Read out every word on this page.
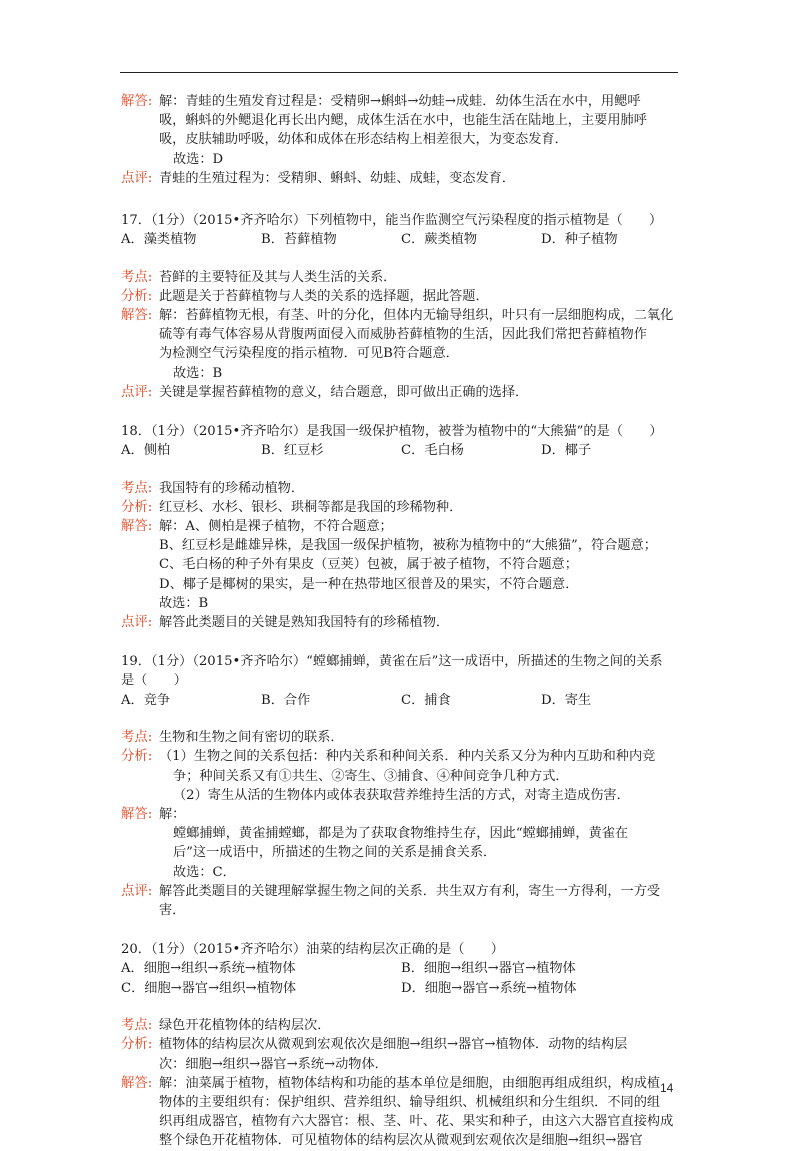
解答: 解：青蛙的生殖发育过程是：受精卵→蝌蚪→幼蛙→成蛙．幼体生活在水中，用鳃呼

吸，蝌蚪的外鳃退化再长出内鳃，成体生活在水中，也能生活在陆地上，主要用肺呼

吸，皮肤辅助呼吸，幼体和成体在形态结构上相差很大，为变态发育．

故选：D

点评: 青蛙的生殖过程为：受精卵、蝌蚪、幼蛙、成蛙，变态发育．

17．（1分）（2015•齐齐哈尔）下列植物中，能当作监测空气污染程度的指示植物是（　　）
A．藻类植物	B．苔藓植物	C．蕨类植物	D．种子植物
考点: 苔鲜的主要特征及其与人类生活的关系．

分析: 此题是关于苔藓植物与人类的关系的选择题，据此答题．

解答: 解：苔藓植物无根，有茎、叶的分化，但体内无输导组织，叶只有一层细胞构成，二氧化

硫等有毒气体容易从背腹两面侵入而威胁苔藓植物的生活，因此我们常把苔藓植物作

为检测空气污染程度的指示植物．可见B符合题意．

故选：B

点评: 关键是掌握苔藓植物的意义，结合题意，即可做出正确的选择．

18．（1分）（2015•齐齐哈尔）是我国一级保护植物，被誉为植物中的“大熊猫”的是（　　）
A．侧柏	B．红豆杉	C．毛白杨	D．椰子
考点: 我国特有的珍稀动植物．

分析: 红豆杉、水杉、银杉、珙桐等都是我国的珍稀物种．

解答: 解：A、侧柏是裸子植物，不符合题意；

B、红豆杉是雌雄异株，是我国一级保护植物，被称为植物中的“大熊猫”，符合题意；

C、毛白杨的种子外有果皮（豆荚）包被，属于被子植物，不符合题意；

D、椰子是椰树的果实，是一种在热带地区很普及的果实，不符合题意．

故选：B

点评: 解答此类题目的关键是熟知我国特有的珍稀植物．

19．（1分）（2015•齐齐哈尔）“螳螂捕蝉，黄雀在后”这一成语中，所描述的生物之间的关系

是（　　）

A．竞争	B．合作	C．捕食	D．寄生
考点: 生物和生物之间有密切的联系．

分析: （1）生物之间的关系包括：种内关系和种间关系．种内关系又分为种内互助和种内竞

争；种间关系又有①共生、②寄生、③捕食、④种间竞争几种方式．

（2）寄生从活的生物体内或体表获取营养维持生活的方式，对寄主造成伤害．

解答: 解：

螳螂捕蝉，黄雀捕螳螂，都是为了获取食物维持生存，因此“螳螂捕蝉，黄雀在

后”这一成语中，所描述的生物之间的关系是捕食关系．

故选：C．

点评: 解答此类题目的关键理解掌握生物之间的关系．共生双方有利，寄生一方得利，一方受

害．

20．（1分）（2015•齐齐哈尔）油菜的结构层次正确的是（　　）
A．细胞→组织→系统→植物体	B．细胞→组织→器官→植物体
C．细胞→器官→组织→植物体	D．细胞→器官→系统→植物体
考点: 绿色开花植物体的结构层次．

分析: 植物体的结构层次从微观到宏观依次是细胞→组织→器官→植物体．动物的结构层

次：细胞→组织→器官→系统→动物体．

解答: 解：油菜属于植物，植物体结构和功能的基本单位是细胞，由细胞再组成组织，构成植

物体的主要组织有：保护组织、营养组织、输导组织、机械组织和分生组织．不同的组

织再组成器官，植物有六大器官：根、茎、叶、花、果实和种子，由这六大器官直接构成

整个绿色开花植物体．可见植物体的结构层次从微观到宏观依次是细胞→组织→器官

14
